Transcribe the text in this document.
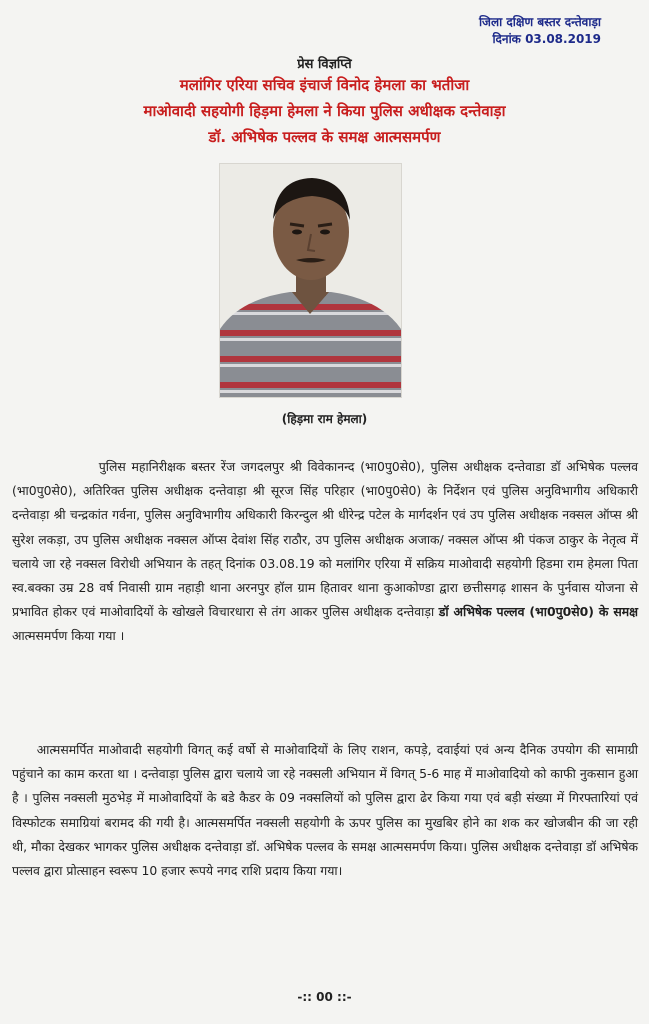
जिला दक्षिण बस्तर दन्तेवाड़ा
दिनांक 03.08.2019
प्रेस विज्ञप्ति
मलांगिर एरिया सचिव इंचार्ज विनोद हेमला का भतीजा
माओवादी सहयोगी हिड़मा हेमला ने किया पुलिस अधीक्षक दन्तेवाड़ा
डॉ. अभिषेक पल्लव के समक्ष आत्मसमर्पण
(हिड़मा राम हेमला)
       पुलिस महानिरीक्षक बस्तर रेंज जगदलपुर श्री विवेकानन्द (भा0पु0से0), पुलिस अधीक्षक दन्तेवाडा डॉ अभिषेक पल्लव (भा0पु0से0), अतिरिक्त पुलिस अधीक्षक दन्तेवाड़ा श्री सूरज सिंह परिहार (भा0पु0से0) के निर्देशन एवं पुलिस अनुविभागीय अधिकारी दन्तेवाड़ा श्री चन्द्रकांत गर्वना, पुलिस अनुविभागीय अधिकारी किरन्दुल श्री धीरेन्द्र पटेल के मार्गदर्शन एवं उप पुलिस अधीक्षक नक्सल ऑप्स श्री सुरेश लकड़ा, उप पुलिस अधीक्षक नक्सल ऑप्स देवांश सिंह राठौर, उप पुलिस अधीक्षक अजाक/ नक्सल ऑप्स श्री पंकज ठाकुर के नेतृत्व में चलाये जा रहे नक्सल विरोधी अभियान के तहत् दिनांक 03.08.19 को मलांगिर एरिया में सक्रिय माओवादी सहयोगी हिडमा राम हेमला पिता स्व.बक्का उम्र 28 वर्ष निवासी ग्राम नहाड़ी थाना अरनपुर हॉल ग्राम हितावर थाना कुआकोण्डा द्वारा छत्तीसगढ़ शासन के पुर्नवास योजना से प्रभावित होकर एवं माओवादियों के खोखले विचारधारा से तंग आकर पुलिस अधीक्षक दन्तेवाड़ा डॉ अभिषेक पल्लव (भा0पु0से0) के समक्ष आत्मसमर्पण किया गया ।
  आत्मसमर्पित माओवादी सहयोगी विगत् कई वर्षो से माओवादियों के लिए राशन, कपड़े, दवाईयां एवं अन्य दैनिक उपयोग की सामाग्री पहुंचाने का काम करता था । दन्तेवाड़ा पुलिस द्वारा चलाये जा रहे नक्सली अभियान में विगत् 5-6 माह में माओवादियो को काफी नुकसान हुआ है । पुलिस नक्सली मुठभेड़ में माओवादियों के बडे कैडर के 09 नक्सलियों को पुलिस द्वारा ढेर किया गया एवं बड़ी संख्या में गिरफ्तारियां एवं विस्फोटक समाग्रियां बरामद की गयी है। आत्मसमर्पित नक्सली सहयोगी के ऊपर पुलिस का मुखबिर होने का शक कर खोजबीन की जा रही थी, मौका देखकर भागकर पुलिस अधीक्षक दन्तेवाड़ा डॉ. अभिषेक पल्लव के समक्ष आत्मसमर्पण किया। पुलिस अधीक्षक दन्तेवाड़ा डॉ अभिषेक पल्लव द्वारा प्रोत्साहन स्वरूप 10 हजार रूपये नगद राशि प्रदाय किया गया।
-:: 00 ::-
